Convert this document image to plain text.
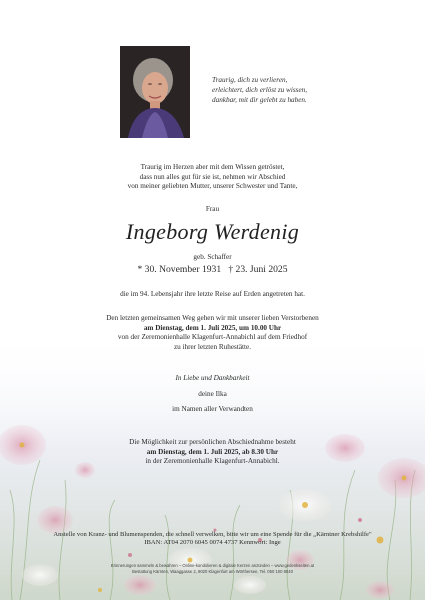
Traurig, dich zu verlieren,
erleichtert, dich erlöst zu wissen,
dankbar, mit dir gelebt zu haben.
Traurig im Herzen aber mit dem Wissen getröstet,
dass nun alles gut für sie ist, nehmen wir Abschied
von meiner geliebten Mutter, unserer Schwester und Tante,
Frau
Ingeborg Werdenig
geb. Schaffer
* 30. November 1931   † 23. Juni 2025
die im 94. Lebensjahr ihre letzte Reise auf Erden angetreten hat.
Den letzten gemeinsamen Weg gehen wir mit unserer lieben Verstorbenen
am Dienstag, dem 1. Juli 2025, um 10.00 Uhr
von der Zeremonienhalle Klagenfurt-Annabichl auf dem Friedhof
zu ihrer letzten Ruhestätte.
In Liebe und Dankbarkeit
deine Ilka
im Namen aller Verwandten
Die Möglichkeit zur persönlichen Abschiednahme besteht
am Dienstag, dem 1. Juli 2025, ab 8.30 Uhr
in der Zeremonienhalle Klagenfurt-Annabichl.
Anstelle von Kranz- und Blumenspenden, die schnell verwelken, bitte wir um eine Spende für die „Kärntner Krebshilfe"
IBAN: AT04 2070 6045 0074 4737 Kennwort: Inge
Erinnerungen sammeln & bewahren – Online-kondolieren & digitale Kerzen anzünden – www.gedenkseiten.at
Bestattung Kärnten, Waaggasse 2, 9020 Klagenfurt am Wörthersee, Tel. 050 100 8040
